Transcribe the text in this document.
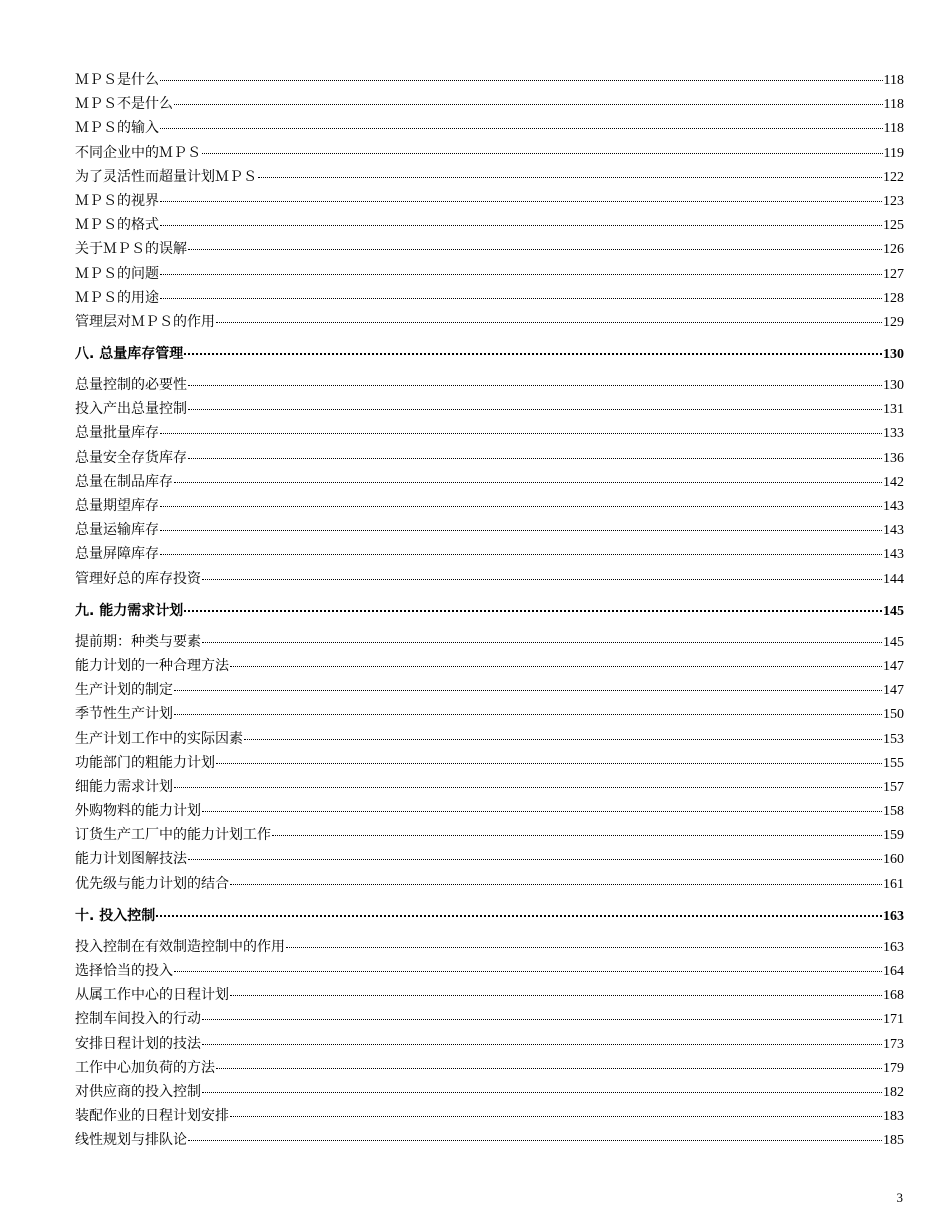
ＭＰＳ是什么	118
ＭＰＳ不是什么	118
ＭＰＳ的输入	118
不同企业中的ＭＰＳ	119
为了灵活性而超量计划ＭＰＳ	122
ＭＰＳ的视界	123
ＭＰＳ的格式	125
关于ＭＰＳ的误解	126
ＭＰＳ的问题	127
ＭＰＳ的用途	128
管理层对ＭＰＳ的作用	129
八. 总量库存管理	130
总量控制的必要性	130
投入产出总量控制	131
总量批量库存	133
总量安全存货库存	136
总量在制品库存	142
总量期望库存	143
总量运输库存	143
总量屏障库存	143
管理好总的库存投资	144
九. 能力需求计划	145
提前期：种类与要素	145
能力计划的一种合理方法	147
生产计划的制定	147
季节性生产计划	150
生产计划工作中的实际因素	153
功能部门的粗能力计划	155
细能力需求计划	157
外购物料的能力计划	158
订货生产工厂中的能力计划工作	159
能力计划图解技法	160
优先级与能力计划的结合	161
十. 投入控制	163
投入控制在有效制造控制中的作用	163
选择恰当的投入	164
从属工作中心的日程计划	168
控制车间投入的行动	171
安排日程计划的技法	173
工作中心加负荷的方法	179
对供应商的投入控制	182
装配作业的日程计划安排	183
线性规划与排队论	185
3
